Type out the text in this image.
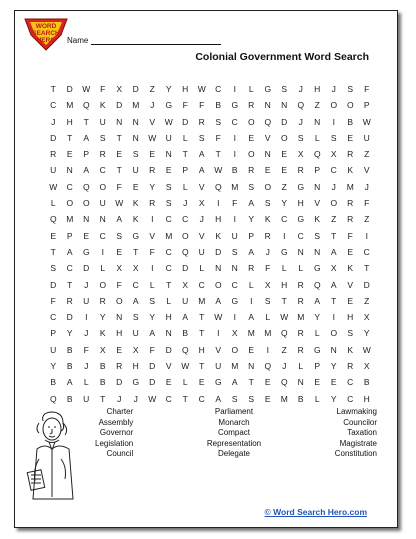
WORD
SEARCH
HERO Name
Colonial Government Word Search
T	D	W	F	X	D	Z	Y	H	W	C	I	L	G	S	J	H	J	S	F
C	M	Q	K	D	M	J	G	F	F	B	G	R	N	N	Q	Z	O	O	P
J	H	T	U	N	N	V	W	D	R	S	C	O	Q	D	J	N	I	B	W
D	T	A	S	T	N	W	U	L	S	F	I	E	V	O	S	L	S	E	U
R	E	P	R	E	S	E	N	T	A	T	I	O	N	E	X	Q	X	R	Z
U	N	A	C	T	U	R	E	P	A	W	B	R	E	E	R	P	C	K	V
W	C	Q	O	F	E	Y	S	L	V	Q	M	S	O	Z	G	N	J	M	J
L	O	O	U	W	K	R	S	J	X	I	F	A	S	Y	H	V	O	R	F
Q	M	N	N	A	K	I	C	C	J	H	I	Y	K	C	G	K	Z	R	Z
E	P	E	C	S	G	V	M	O	V	K	U	P	R	I	C	S	T	F	I
T	A	G	I	E	T	F	C	Q	U	D	S	A	J	G	N	N	A	E	C
S	C	D	L	X	X	I	C	D	L	N	N	R	F	L	L	G	X	K	T
D	T	J	O	F	C	L	T	X	C	O	C	L	X	H	R	Q	A	V	D
F	R	U	R	O	A	S	L	U	M	A	G	I	S	T	R	A	T	E	Z
C	D	I	Y	N	S	Y	H	A	T	W	I	A	L	W	M	Y	I	H	X
P	Y	J	K	H	U	A	N	B	T	I	X	M	M	Q	R	L	O	S	Y
U	B	F	X	E	X	F	D	Q	H	V	O	E	I	Z	R	G	N	K	W
Y	B	J	B	R	H	D	V	W	T	U	M	N	Q	J	L	P	Y	R	X
B	A	L	B	D	G	D	E	L	E	G	A	T	E	Q	N	E	E	C	B
Q	B	U	T	J	J	W	C	T	C	A	S	S	E	M	B	L	Y	C	H
Charter
Assembly
Governor
Legislation
Council
Parliament
Monarch
Compact
Representation
Delegate
Lawmaking
Councilor
Taxation
Magistrate
Constitution
© Word Search Hero.com
